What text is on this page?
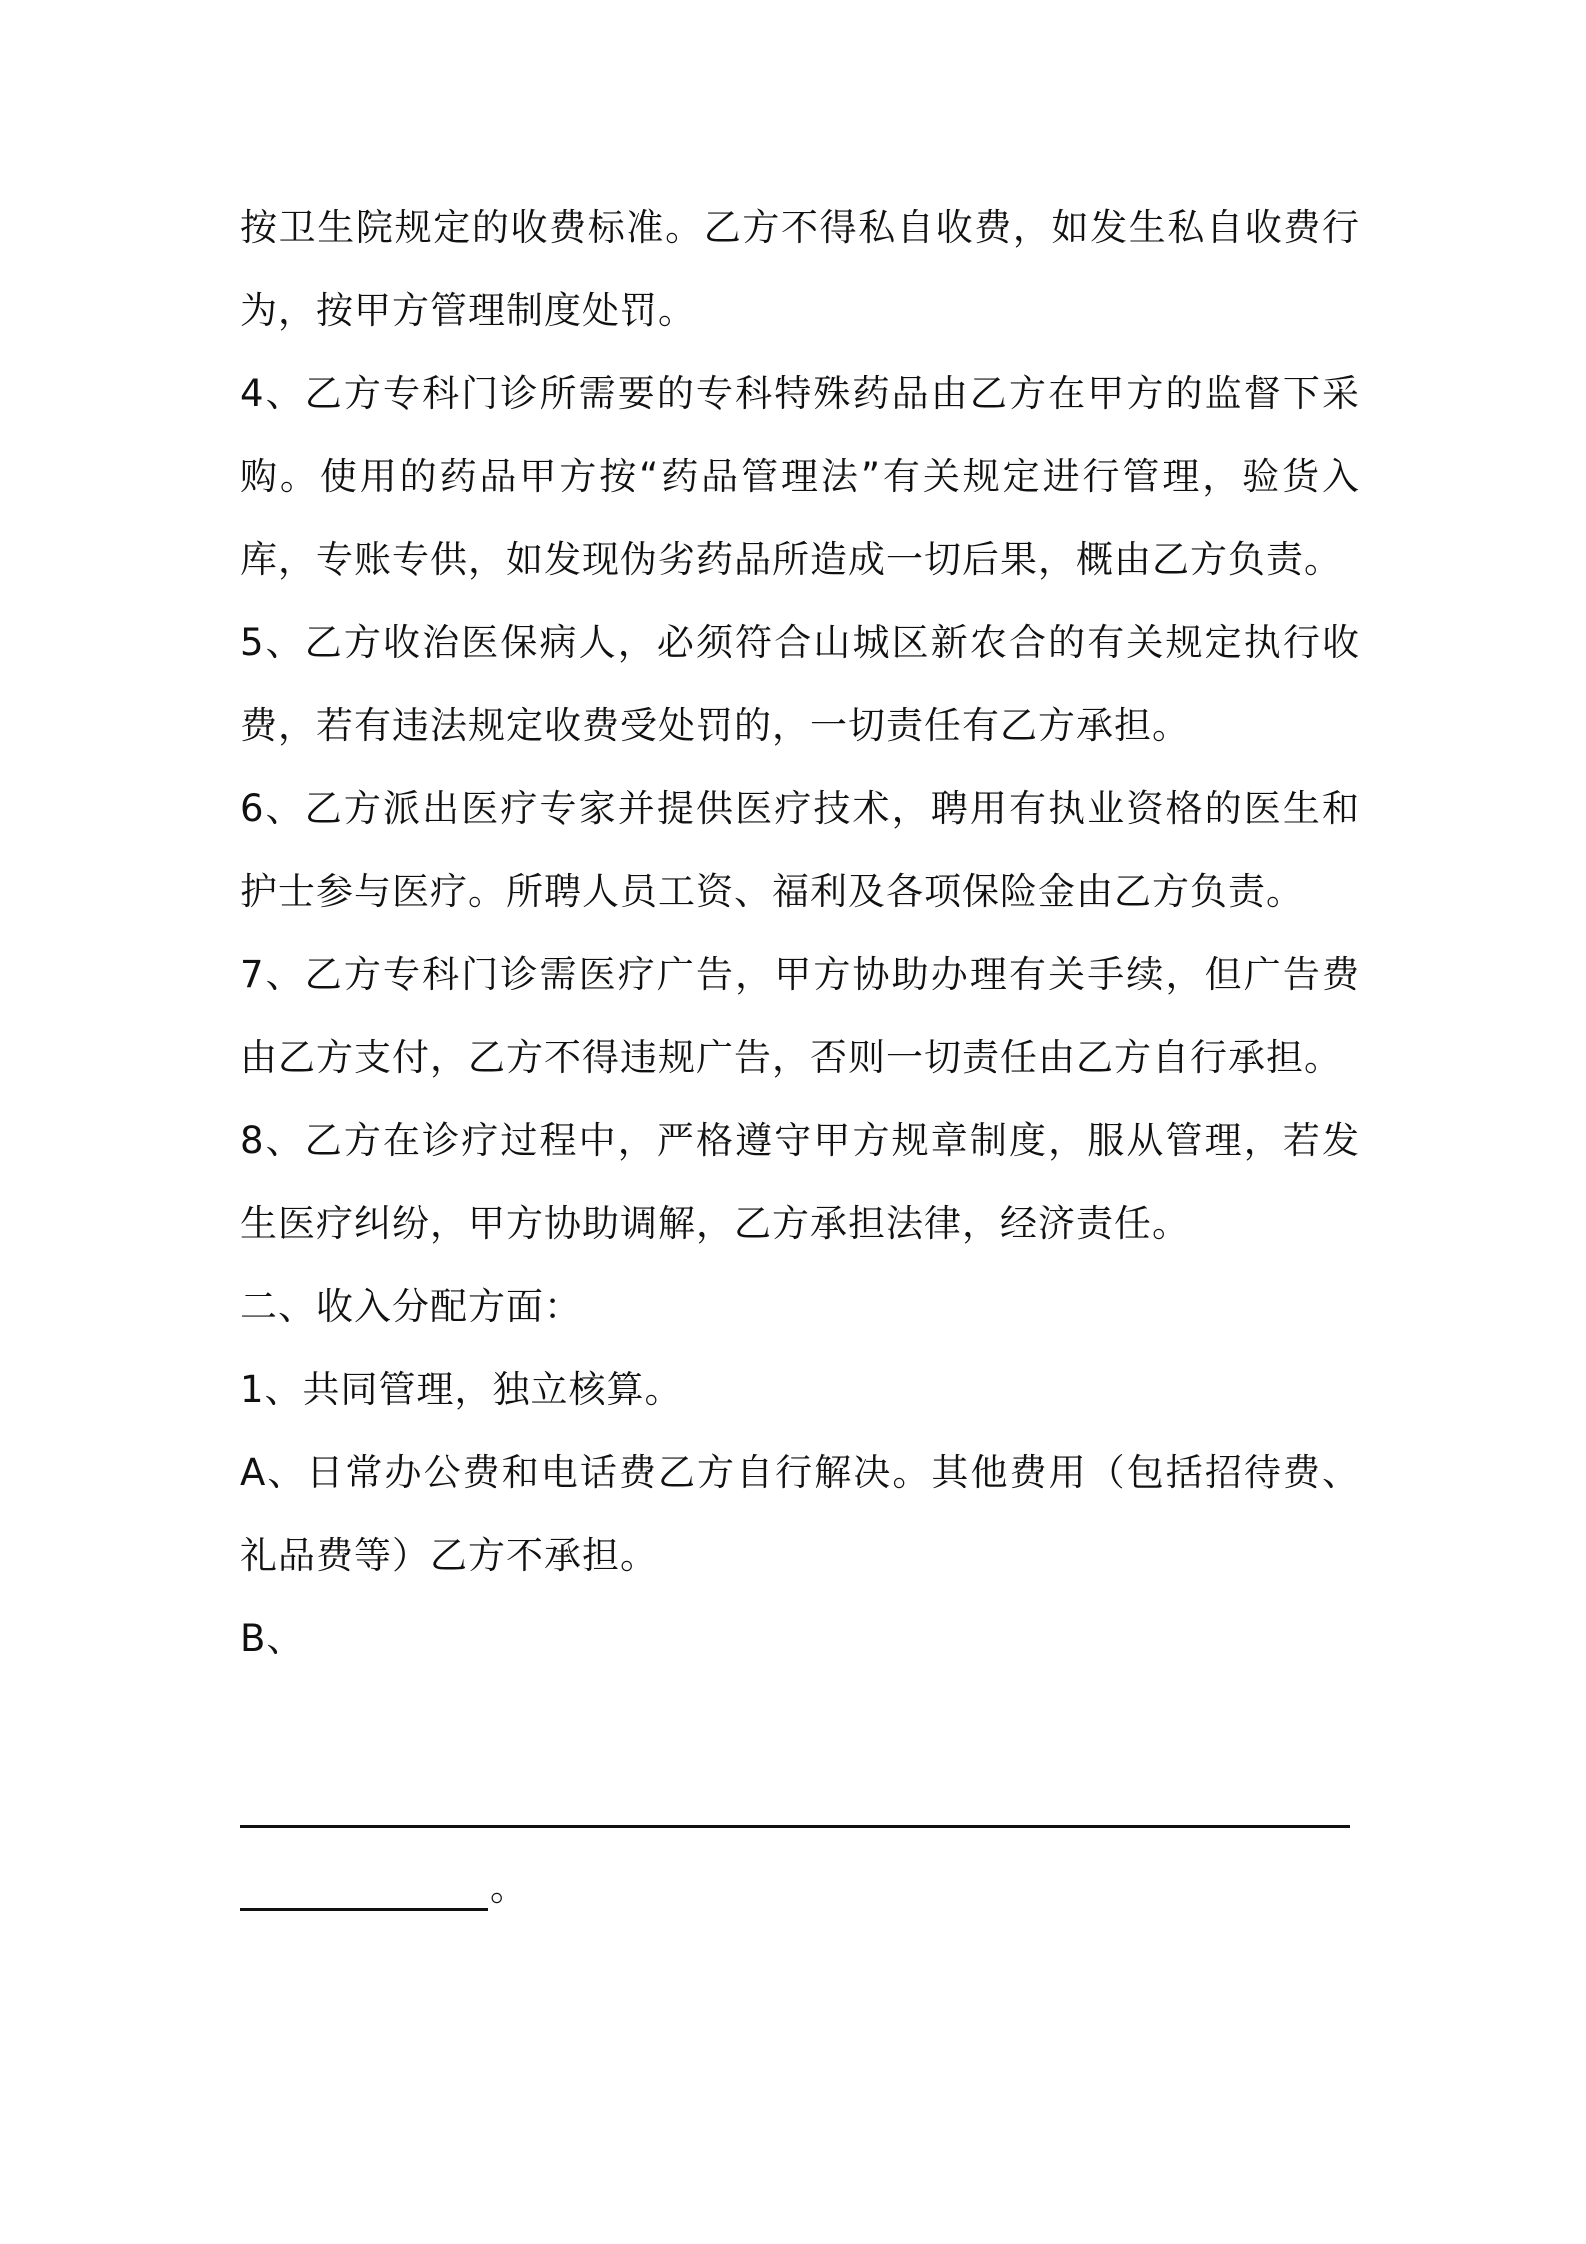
按卫生院规定的收费标准。乙方不得私自收费，如发生私自收费行为，按甲方管理制度处罚。

4、乙方专科门诊所需要的专科特殊药品由乙方在甲方的监督下采购。使用的药品甲方按“药品管理法”有关规定进行管理，验货入库，专账专供，如发现伪劣药品所造成一切后果，概由乙方负责。

5、乙方收治医保病人，必须符合山城区新农合的有关规定执行收费，若有违法规定收费受处罚的，一切责任有乙方承担。

6、乙方派出医疗专家并提供医疗技术，聘用有执业资格的医生和护士参与医疗。所聘人员工资、福利及各项保险金由乙方负责。

7、乙方专科门诊需医疗广告，甲方协助办理有关手续，但广告费由乙方支付，乙方不得违规广告，否则一切责任由乙方自行承担。

8、乙方在诊疗过程中，严格遵守甲方规章制度，服从管理，若发生医疗纠纷，甲方协助调解，乙方承担法律，经济责任。

二、收入分配方面：

1、共同管理，独立核算。

A、日常办公费和电话费乙方自行解决。其他费用（包括招待费、礼品费等）乙方不承担。

B、

。
